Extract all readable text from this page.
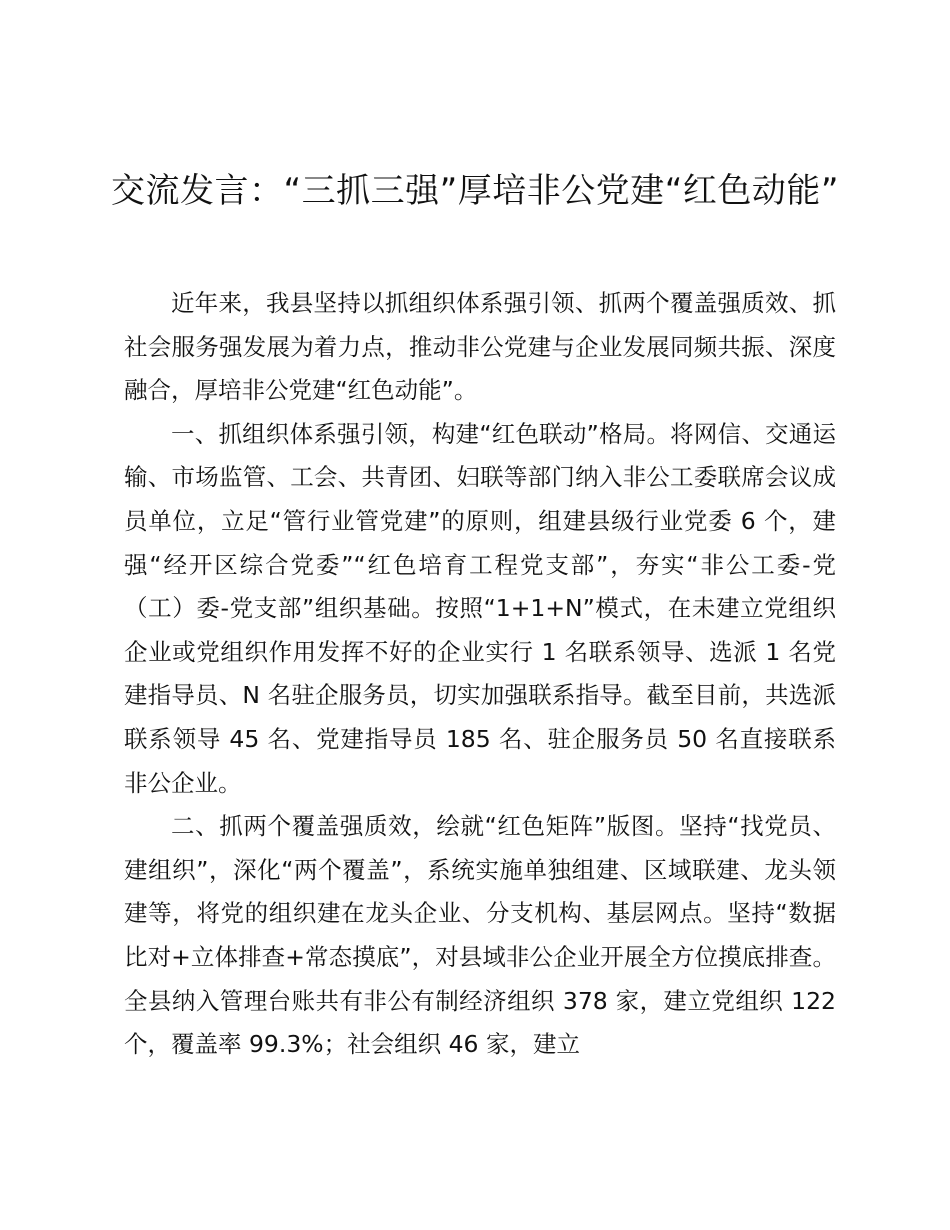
交流发言：“三抓三强”厚培非公党建“红色动能”

近年来，我县坚持以抓组织体系强引领、抓两个覆盖强质效、抓社会服务强发展为着力点，推动非公党建与企业发展同频共振、深度融合，厚培非公党建“红色动能”。

一、抓组织体系强引领，构建“红色联动”格局。将网信、交通运输、市场监管、工会、共青团、妇联等部门纳入非公工委联席会议成员单位，立足“管行业管党建”的原则，组建县级行业党委 6 个，建强“经开区综合党委”“红色培育工程党支部”，夯实“非公工委-党（工）委-党支部”组织基础。按照“1+1+N”模式，在未建立党组织企业或党组织作用发挥不好的企业实行 1 名联系领导、选派 1 名党建指导员、N 名驻企服务员，切实加强联系指导。截至目前，共选派联系领导 45 名、党建指导员 185 名、驻企服务员 50 名直接联系非公企业。

二、抓两个覆盖强质效，绘就“红色矩阵”版图。坚持“找党员、建组织”，深化“两个覆盖”，系统实施单独组建、区域联建、龙头领建等，将党的组织建在龙头企业、分支机构、基层网点。坚持“数据比对+立体排查+常态摸底”，对县域非公企业开展全方位摸底排查。全县纳入管理台账共有非公有制经济组织 378 家，建立党组织 122 个，覆盖率 99.3%；社会组织 46 家，建立
